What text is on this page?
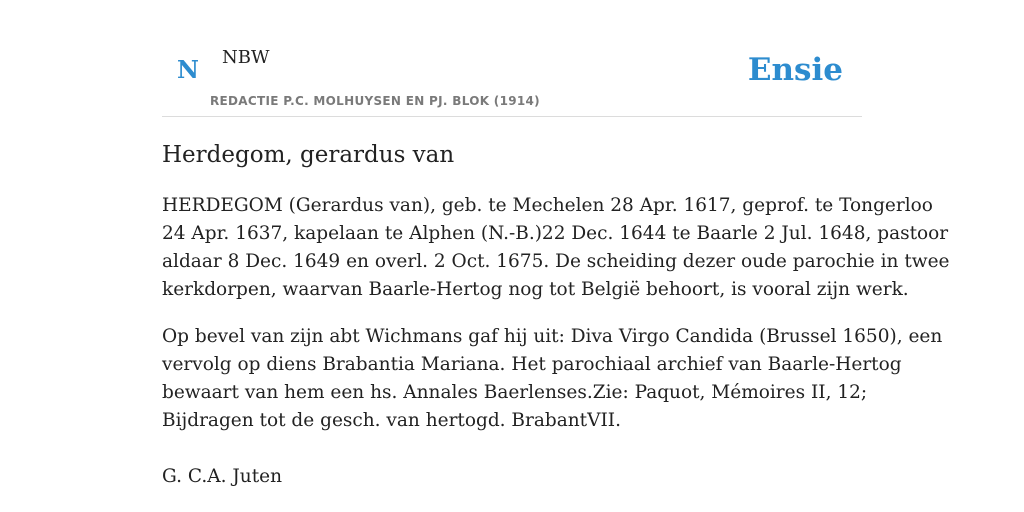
N NBW
REDACTIE P.C. MOLHUYSEN EN PJ. BLOK (1914)
Ensie
Herdegom, gerardus van
HERDEGOM (Gerardus van), geb. te Mechelen 28 Apr. 1617, geprof. te Tongerloo
24 Apr. 1637, kapelaan te Alphen (N.-B.)22 Dec. 1644 te Baarle 2 Jul. 1648, pastoor
aldaar 8 Dec. 1649 en overl. 2 Oct. 1675. De scheiding dezer oude parochie in twee
kerkdorpen, waarvan Baarle-Hertog nog tot België behoort, is vooral zijn werk.
Op bevel van zijn abt Wichmans gaf hij uit: Diva Virgo Candida (Brussel 1650), een
vervolg op diens Brabantia Mariana. Het parochiaal archief van Baarle-Hertog
bewaart van hem een hs. Annales Baerlenses.Zie: Paquot, Mémoires II, 12;
Bijdragen tot de gesch. van hertogd. BrabantVII.

G. C.A. Juten
